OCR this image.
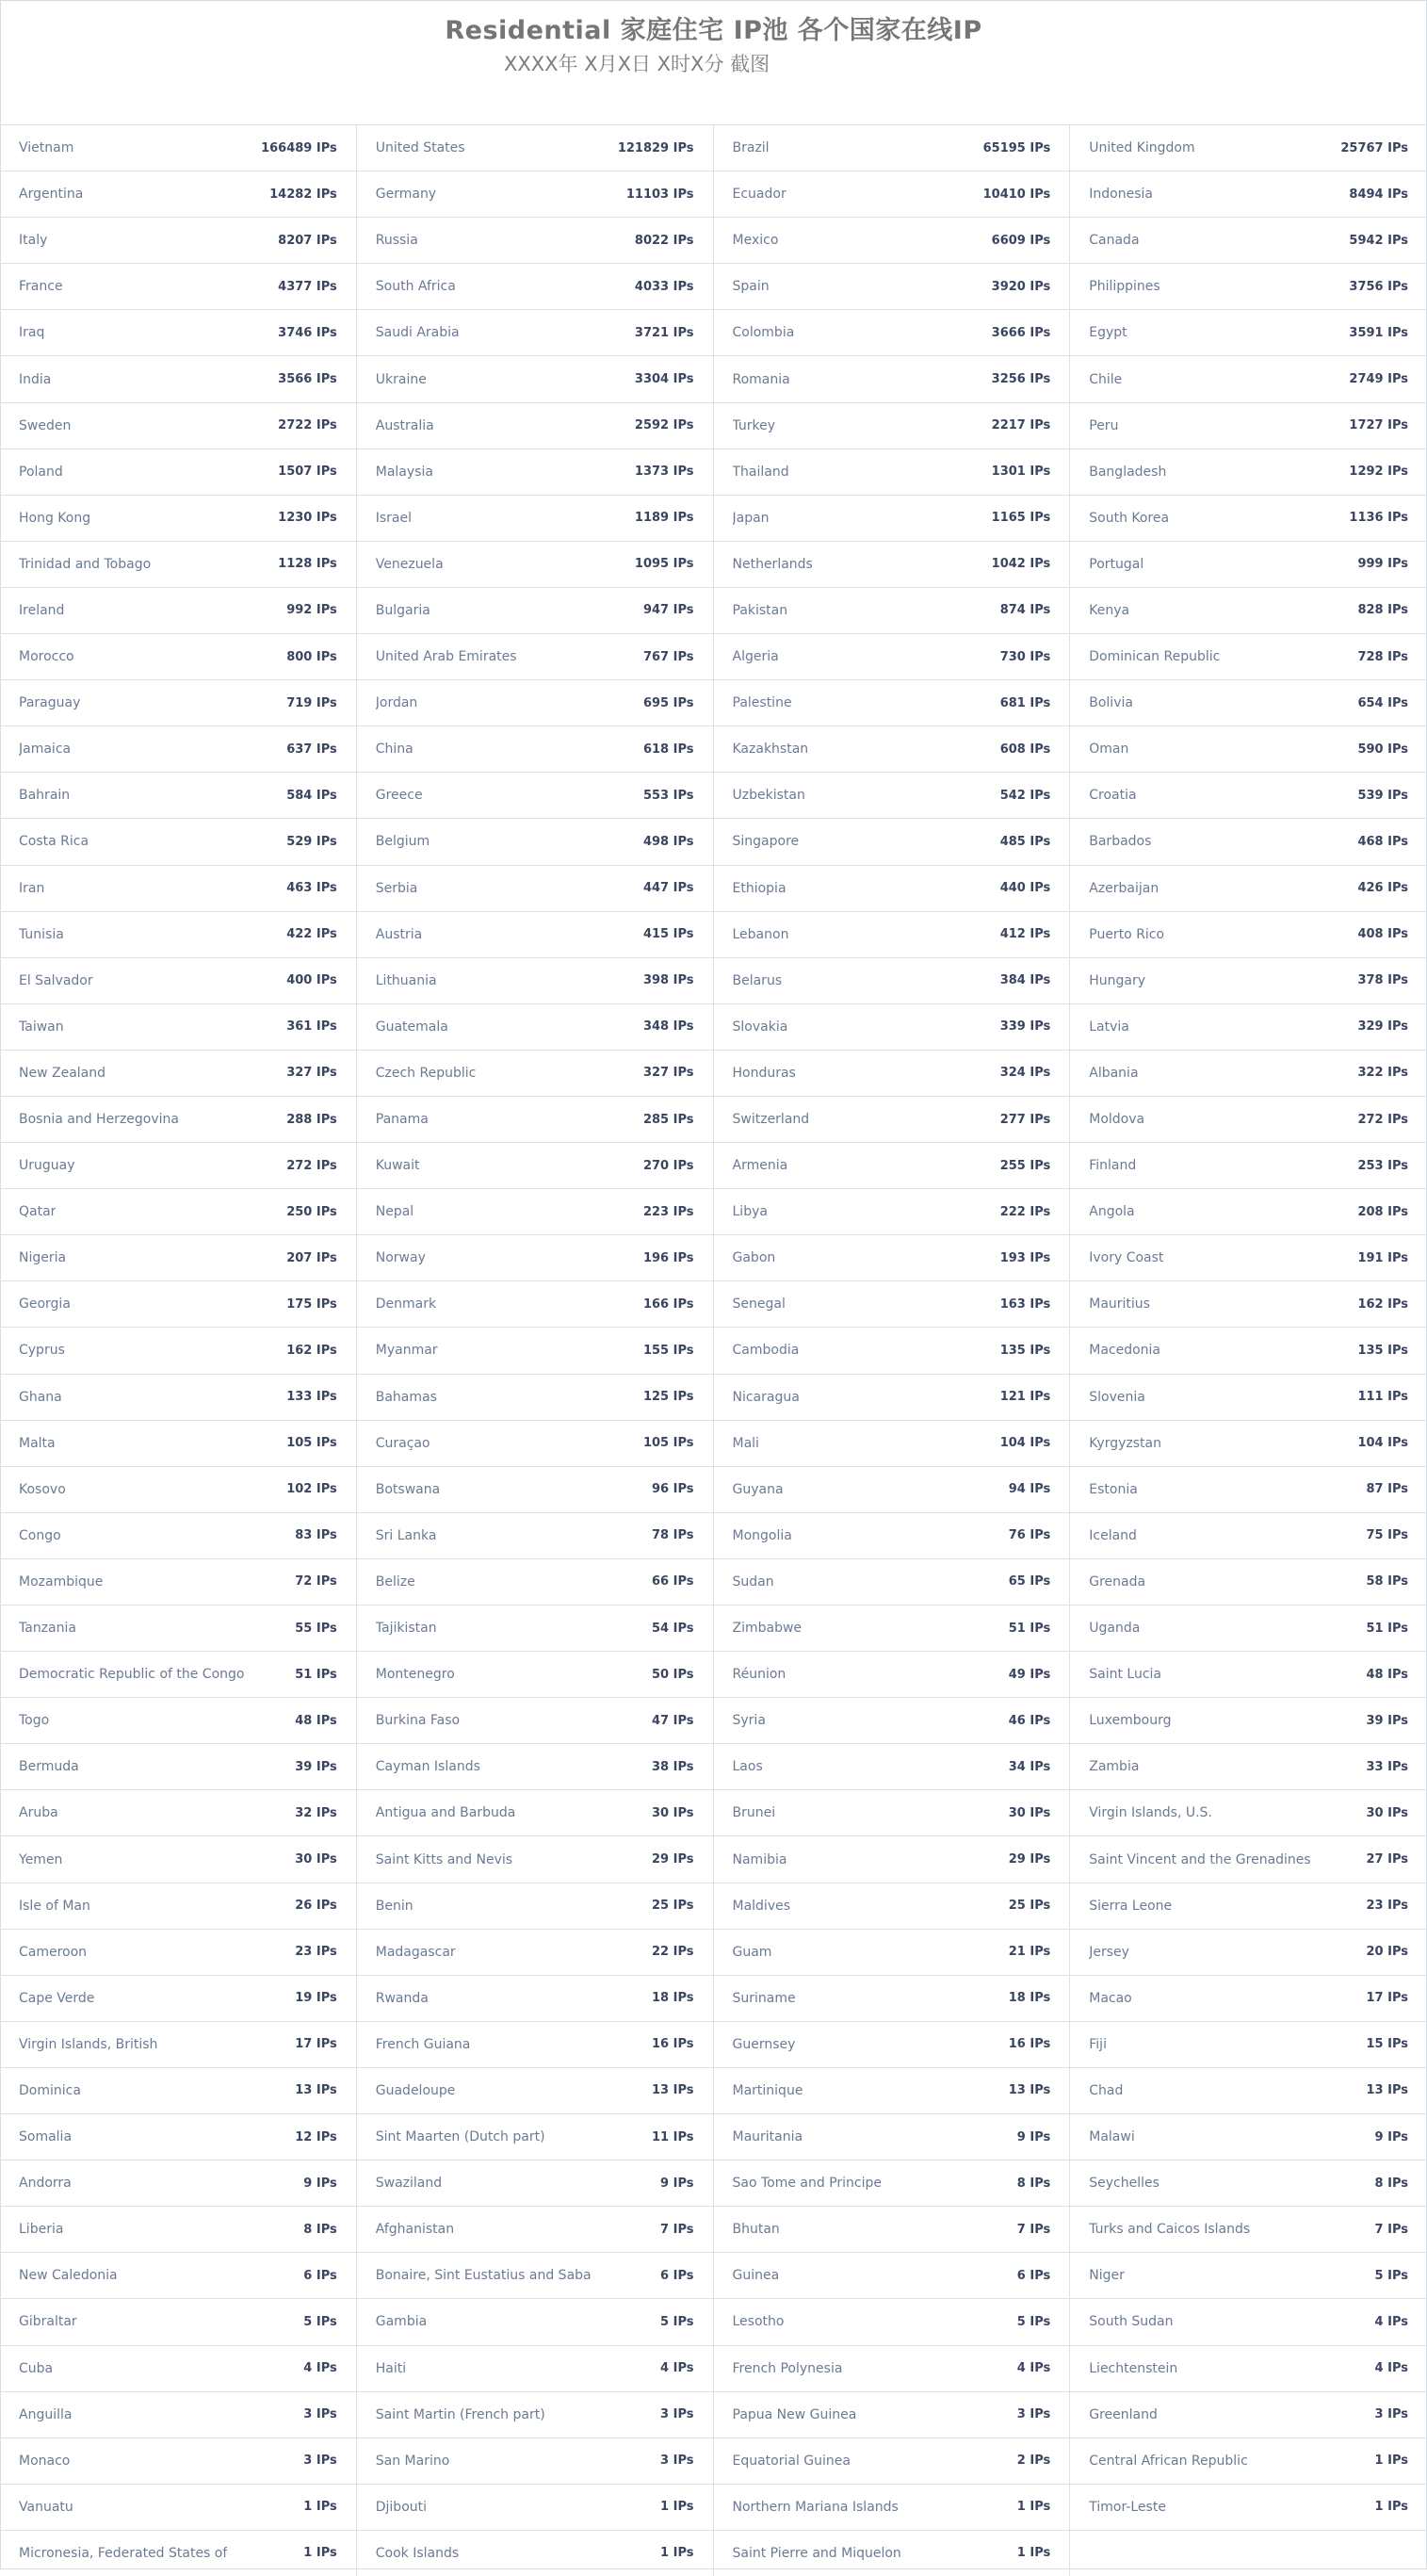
Residential 家庭住宅 IP池 各个国家在线IP
XXXX年 X月X日 X时X分 截图
Vietnam	166489 IPs	United States	121829 IPs	Brazil	65195 IPs	United Kingdom	25767 IPs
Argentina	14282 IPs	Germany	11103 IPs	Ecuador	10410 IPs	Indonesia	8494 IPs
Italy	8207 IPs	Russia	8022 IPs	Mexico	6609 IPs	Canada	5942 IPs
France	4377 IPs	South Africa	4033 IPs	Spain	3920 IPs	Philippines	3756 IPs
Iraq	3746 IPs	Saudi Arabia	3721 IPs	Colombia	3666 IPs	Egypt	3591 IPs
India	3566 IPs	Ukraine	3304 IPs	Romania	3256 IPs	Chile	2749 IPs
Sweden	2722 IPs	Australia	2592 IPs	Turkey	2217 IPs	Peru	1727 IPs
Poland	1507 IPs	Malaysia	1373 IPs	Thailand	1301 IPs	Bangladesh	1292 IPs
Hong Kong	1230 IPs	Israel	1189 IPs	Japan	1165 IPs	South Korea	1136 IPs
Trinidad and Tobago	1128 IPs	Venezuela	1095 IPs	Netherlands	1042 IPs	Portugal	999 IPs
Ireland	992 IPs	Bulgaria	947 IPs	Pakistan	874 IPs	Kenya	828 IPs
Morocco	800 IPs	United Arab Emirates	767 IPs	Algeria	730 IPs	Dominican Republic	728 IPs
Paraguay	719 IPs	Jordan	695 IPs	Palestine	681 IPs	Bolivia	654 IPs
Jamaica	637 IPs	China	618 IPs	Kazakhstan	608 IPs	Oman	590 IPs
Bahrain	584 IPs	Greece	553 IPs	Uzbekistan	542 IPs	Croatia	539 IPs
Costa Rica	529 IPs	Belgium	498 IPs	Singapore	485 IPs	Barbados	468 IPs
Iran	463 IPs	Serbia	447 IPs	Ethiopia	440 IPs	Azerbaijan	426 IPs
Tunisia	422 IPs	Austria	415 IPs	Lebanon	412 IPs	Puerto Rico	408 IPs
El Salvador	400 IPs	Lithuania	398 IPs	Belarus	384 IPs	Hungary	378 IPs
Taiwan	361 IPs	Guatemala	348 IPs	Slovakia	339 IPs	Latvia	329 IPs
New Zealand	327 IPs	Czech Republic	327 IPs	Honduras	324 IPs	Albania	322 IPs
Bosnia and Herzegovina	288 IPs	Panama	285 IPs	Switzerland	277 IPs	Moldova	272 IPs
Uruguay	272 IPs	Kuwait	270 IPs	Armenia	255 IPs	Finland	253 IPs
Qatar	250 IPs	Nepal	223 IPs	Libya	222 IPs	Angola	208 IPs
Nigeria	207 IPs	Norway	196 IPs	Gabon	193 IPs	Ivory Coast	191 IPs
Georgia	175 IPs	Denmark	166 IPs	Senegal	163 IPs	Mauritius	162 IPs
Cyprus	162 IPs	Myanmar	155 IPs	Cambodia	135 IPs	Macedonia	135 IPs
Ghana	133 IPs	Bahamas	125 IPs	Nicaragua	121 IPs	Slovenia	111 IPs
Malta	105 IPs	Curaçao	105 IPs	Mali	104 IPs	Kyrgyzstan	104 IPs
Kosovo	102 IPs	Botswana	96 IPs	Guyana	94 IPs	Estonia	87 IPs
Congo	83 IPs	Sri Lanka	78 IPs	Mongolia	76 IPs	Iceland	75 IPs
Mozambique	72 IPs	Belize	66 IPs	Sudan	65 IPs	Grenada	58 IPs
Tanzania	55 IPs	Tajikistan	54 IPs	Zimbabwe	51 IPs	Uganda	51 IPs
Democratic Republic of the Congo	51 IPs	Montenegro	50 IPs	Réunion	49 IPs	Saint Lucia	48 IPs
Togo	48 IPs	Burkina Faso	47 IPs	Syria	46 IPs	Luxembourg	39 IPs
Bermuda	39 IPs	Cayman Islands	38 IPs	Laos	34 IPs	Zambia	33 IPs
Aruba	32 IPs	Antigua and Barbuda	30 IPs	Brunei	30 IPs	Virgin Islands, U.S.	30 IPs
Yemen	30 IPs	Saint Kitts and Nevis	29 IPs	Namibia	29 IPs	Saint Vincent and the Grenadines	27 IPs
Isle of Man	26 IPs	Benin	25 IPs	Maldives	25 IPs	Sierra Leone	23 IPs
Cameroon	23 IPs	Madagascar	22 IPs	Guam	21 IPs	Jersey	20 IPs
Cape Verde	19 IPs	Rwanda	18 IPs	Suriname	18 IPs	Macao	17 IPs
Virgin Islands, British	17 IPs	French Guiana	16 IPs	Guernsey	16 IPs	Fiji	15 IPs
Dominica	13 IPs	Guadeloupe	13 IPs	Martinique	13 IPs	Chad	13 IPs
Somalia	12 IPs	Sint Maarten (Dutch part)	11 IPs	Mauritania	9 IPs	Malawi	9 IPs
Andorra	9 IPs	Swaziland	9 IPs	Sao Tome and Principe	8 IPs	Seychelles	8 IPs
Liberia	8 IPs	Afghanistan	7 IPs	Bhutan	7 IPs	Turks and Caicos Islands	7 IPs
New Caledonia	6 IPs	Bonaire, Sint Eustatius and Saba	6 IPs	Guinea	6 IPs	Niger	5 IPs
Gibraltar	5 IPs	Gambia	5 IPs	Lesotho	5 IPs	South Sudan	4 IPs
Cuba	4 IPs	Haiti	4 IPs	French Polynesia	4 IPs	Liechtenstein	4 IPs
Anguilla	3 IPs	Saint Martin (French part)	3 IPs	Papua New Guinea	3 IPs	Greenland	3 IPs
Monaco	3 IPs	San Marino	3 IPs	Equatorial Guinea	2 IPs	Central African Republic	1 IPs
Vanuatu	1 IPs	Djibouti	1 IPs	Northern Mariana Islands	1 IPs	Timor-Leste	1 IPs
Micronesia, Federated States of	1 IPs	Cook Islands	1 IPs	Saint Pierre and Miquelon	1 IPs
